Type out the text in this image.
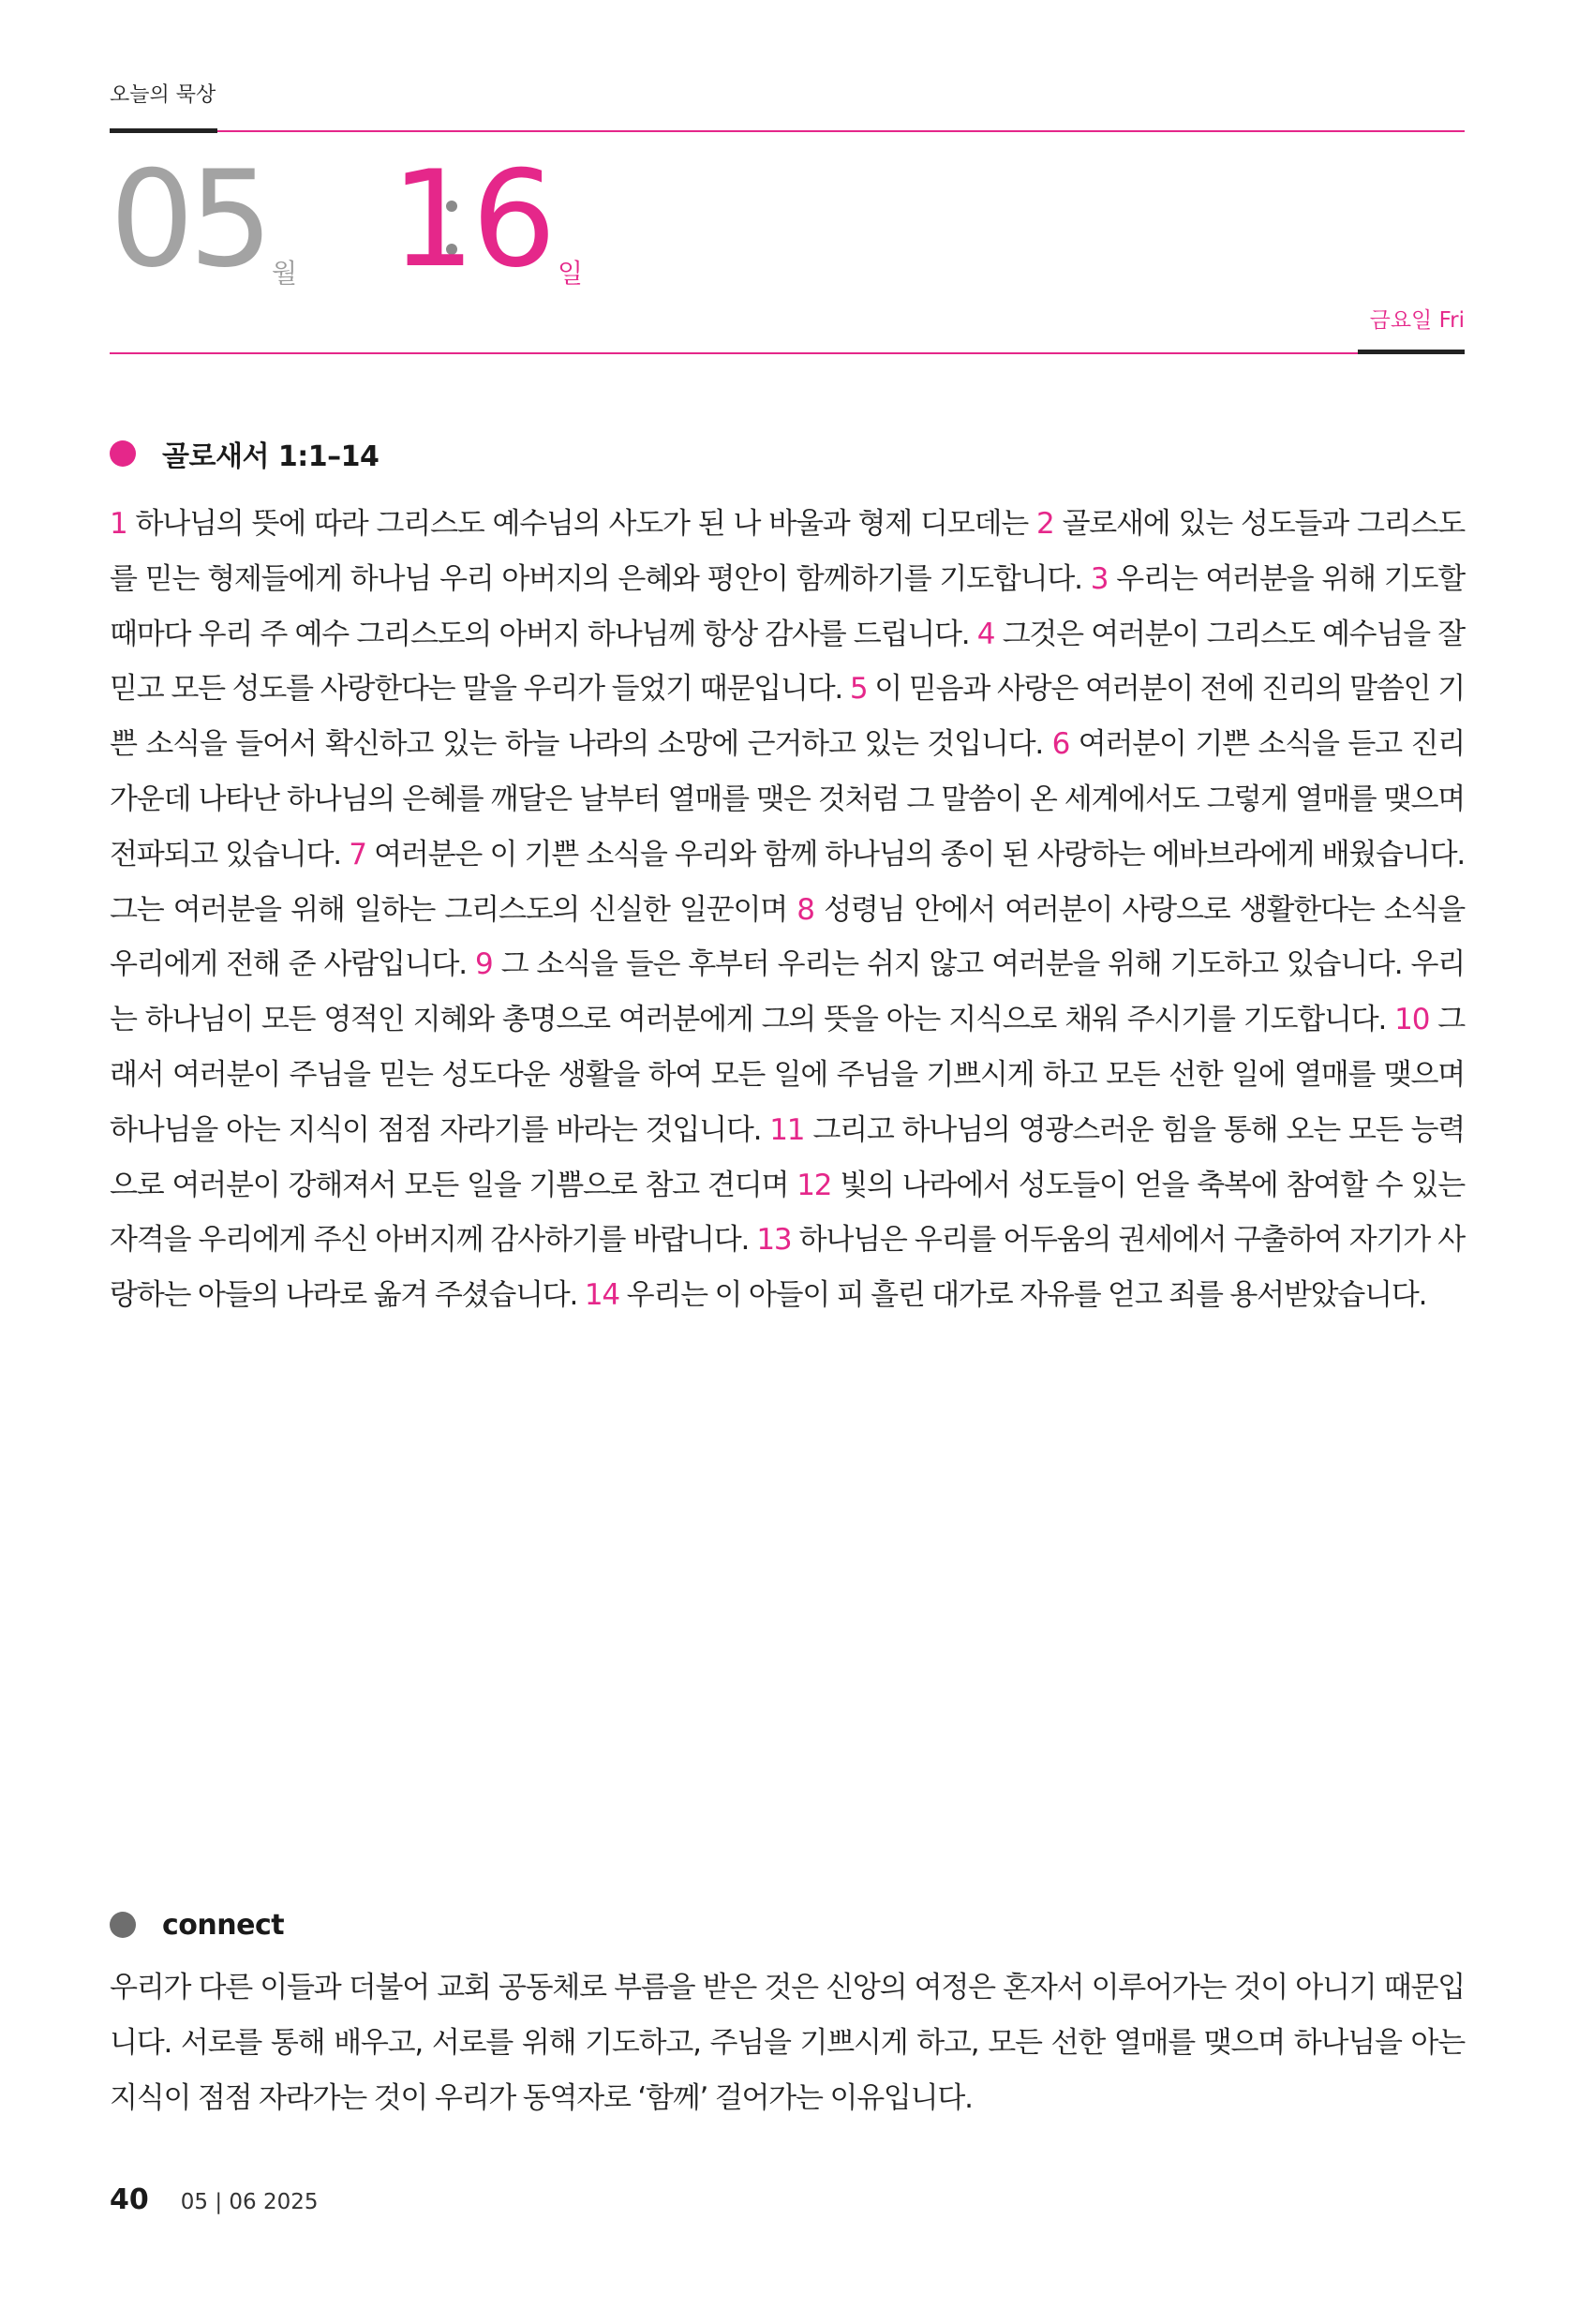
오늘의 묵상
05 월 16 일
금요일 Fri
골로새서 1:1–14
1 하나님의 뜻에 따라 그리스도 예수님의 사도가 된 나 바울과 형제 디모데는 2 골로새에 있는 성도들과 그리스도를 믿는 형제들에게 하나님 우리 아버지의 은혜와 평안이 함께하기를 기도합니다. 3 우리는 여러분을 위해 기도할 때마다 우리 주 예수 그리스도의 아버지 하나님께 항상 감사를 드립니다. 4 그것은 여러분이 그리스도 예수님을 잘 믿고 모든 성도를 사랑한다는 말을 우리가 들었기 때문입니다. 5 이 믿음과 사랑은 여러분이 전에 진리의 말씀인 기쁜 소식을 들어서 확신하고 있는 하늘 나라의 소망에 근거하고 있는 것입니다. 6 여러분이 기쁜 소식을 듣고 진리 가운데 나타난 하나님의 은혜를 깨달은 날부터 열매를 맺은 것처럼 그 말씀이 온 세계에서도 그렇게 열매를 맺으며 전파되고 있습니다. 7 여러분은 이 기쁜 소식을 우리와 함께 하나님의 종이 된 사랑하는 에바브라에게 배웠습니다. 그는 여러분을 위해 일하는 그리스도의 신실한 일꾼이며 8 성령님 안에서 여러분이 사랑으로 생활한다는 소식을 우리에게 전해 준 사람입니다. 9 그 소식을 들은 후부터 우리는 쉬지 않고 여러분을 위해 기도하고 있습니다. 우리는 하나님이 모든 영적인 지혜와 총명으로 여러분에게 그의 뜻을 아는 지식으로 채워 주시기를 기도합니다. 10 그래서 여러분이 주님을 믿는 성도다운 생활을 하여 모든 일에 주님을 기쁘시게 하고 모든 선한 일에 열매를 맺으며 하나님을 아는 지식이 점점 자라기를 바라는 것입니다. 11 그리고 하나님의 영광스러운 힘을 통해 오는 모든 능력으로 여러분이 강해져서 모든 일을 기쁨으로 참고 견디며 12 빛의 나라에서 성도들이 얻을 축복에 참여할 수 있는 자격을 우리에게 주신 아버지께 감사하기를 바랍니다. 13 하나님은 우리를 어두움의 권세에서 구출하여 자기가 사랑하는 아들의 나라로 옮겨 주셨습니다. 14 우리는 이 아들이 피 흘린 대가로 자유를 얻고 죄를 용서받았습니다.
connect
우리가 다른 이들과 더불어 교회 공동체로 부름을 받은 것은 신앙의 여정은 혼자서 이루어가는 것이 아니기 때문입니다. 서로를 통해 배우고, 서로를 위해 기도하고, 주님을 기쁘시게 하고, 모든 선한 열매를 맺으며 하나님을 아는 지식이 점점 자라가는 것이 우리가 동역자로 ‘함께’ 걸어가는 이유입니다.
40 05 | 06 2025
